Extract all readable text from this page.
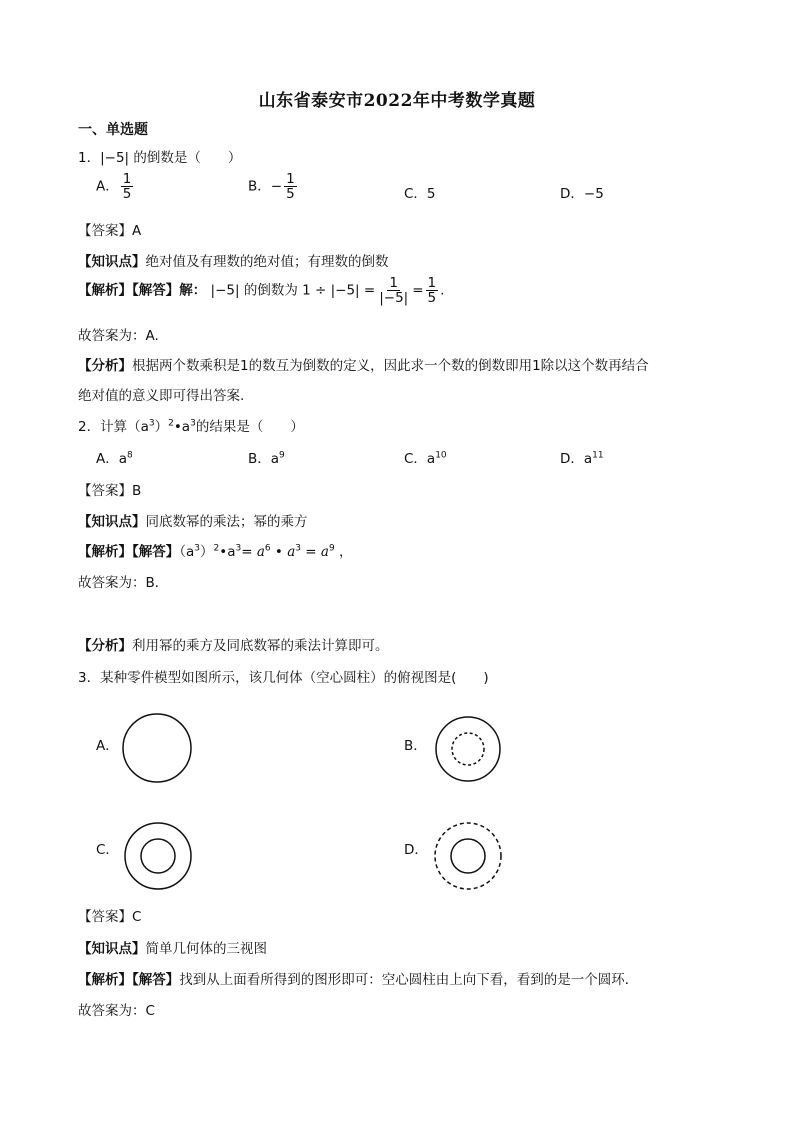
山东省泰安市2022年中考数学真题
一、单选题
1．|−5| 的倒数是（　　）
A． $\frac{1}{5}$	B．− $\frac{1}{5}$	C．5	D．−5
【答案】A
【知识点】绝对值及有理数的绝对值；有理数的倒数
【解析】【解答】解： |−5| 的倒数为 $1 \div |-5| = \frac{1}{|-5|} = \frac{1}{5}$ .
故答案为：A.
【分析】根据两个数乘积是1的数互为倒数的定义，因此求一个数的倒数即用1除以这个数再结合
绝对值的意义即可得出答案.
2．计算$(a^3)^2•a^3$的结果是（　　）
A．$a^8$	B．$a^9$	C．$a^{10}$	D．$a^{11}$
【答案】B
【知识点】同底数幂的乘法；幂的乘方
【解析】【解答】$(a^3)^2•a^3= a^6$ • $a^3 = a^9$ ，
故答案为：B．
【分析】利用幂的乘方及同底数幂的乘法计算即可。
3．某种零件模型如图所示，该几何体（空心圆柱）的俯视图是(　　)
A．	B．
C．	D．
【答案】C
【知识点】简单几何体的三视图
【解析】【解答】找到从上面看所得到的图形即可：空心圆柱由上向下看，看到的是一个圆环．
故答案为：C
